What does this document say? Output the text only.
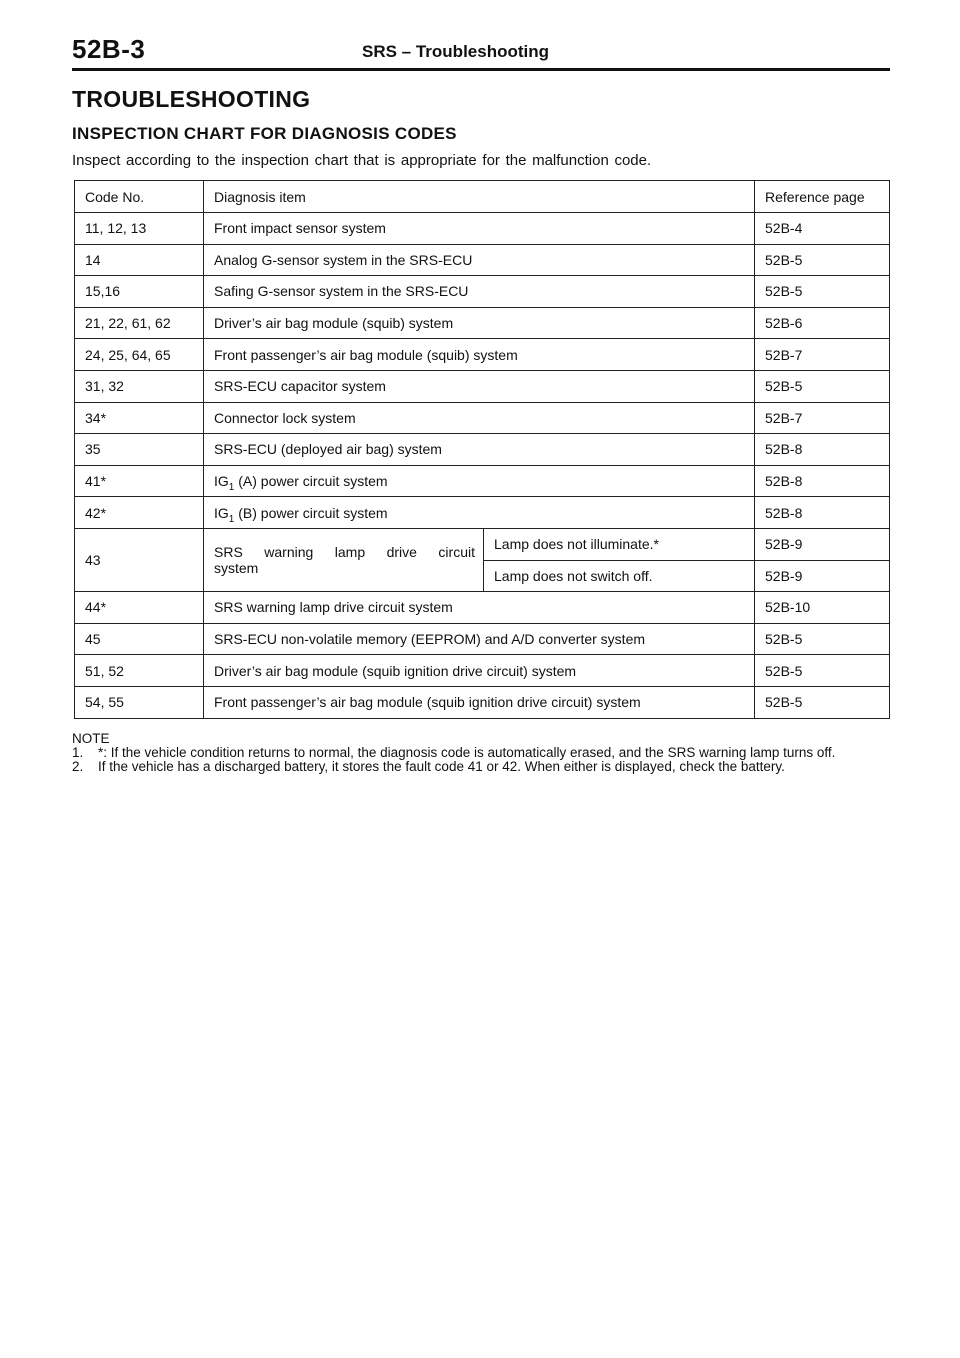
52B-3	SRS – Troubleshooting
TROUBLESHOOTING
INSPECTION CHART FOR DIAGNOSIS CODES
Inspect according to the inspection chart that is appropriate for the malfunction code.
Code No.	Diagnosis item		Reference page
11, 12, 13	Front impact sensor system		52B-4
14	Analog G-sensor system in the SRS-ECU		52B-5
15,16	Safing G-sensor system in the SRS-ECU		52B-5
21, 22, 61, 62	Driver’s air bag module (squib) system		52B-6
24, 25, 64, 65	Front passenger’s air bag module (squib) system		52B-7
31, 32	SRS-ECU capacitor system		52B-5
34*	Connector lock system		52B-7
35	SRS-ECU (deployed air bag) system		52B-8
41*	$IG_1$ (A) power circuit system		52B-8
42*	$IG_1$ (B) power circuit system		52B-8
43	SRS warning lamp drive circuit
system	Lamp does not illuminate.*	52B-9
		Lamp does not switch off.	52B-9
44*	SRS warning lamp drive circuit system		52B-10
45	SRS-ECU non-volatile memory (EEPROM) and A/D converter system		52B-5
51, 52	Driver’s air bag module (squib ignition drive circuit) system		52B-5
54, 55	Front passenger’s air bag module (squib ignition drive circuit) system		52B-5
NOTE
1. *: If the vehicle condition returns to normal, the diagnosis code is automatically erased, and the SRS warning lamp turns off.
2. If the vehicle has a discharged battery, it stores the fault code 41 or 42. When either is displayed, check the battery.
